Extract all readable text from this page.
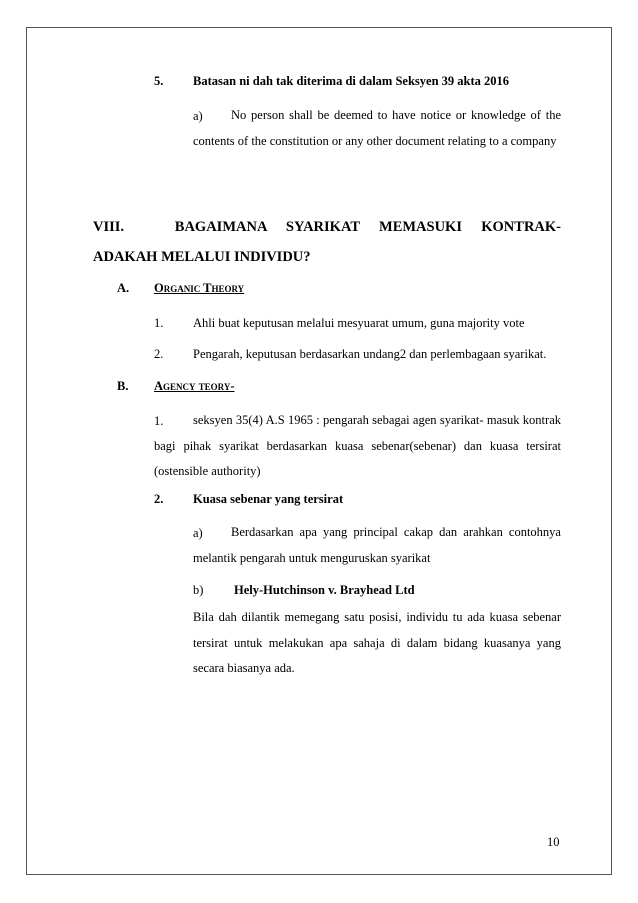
5. Batasan ni dah tak diterima di dalam Seksyen 39 akta 2016
a)	No person shall be deemed to have notice or knowledge of the contents of the constitution or any other document relating to a company
VIII.    	BAGAIMANA SYARIKAT MEMASUKI KONTRAK-ADAKAH MELALUI INDIVIDU?
A. Organic Thеory
1. Ahli buat keputusan melalui mesyuarat umum, guna majority vote
2. Pengarah, keputusan berdasarkan undang2 dan perlembagaan syarikat.
B. Agency teory-
1.	seksyen 35(4) A.S 1965 : pengarah sebagai agen syarikat- masuk kontrak bagi pihak syarikat berdasarkan kuasa sebenar(sebenar) dan kuasa tersirat (ostensible authority)
2. Kuasa sebenar yang tersirat
a)	Berdasarkan apa yang principal cakap dan arahkan contohnya melantik pengarah untuk menguruskan syarikat
b) Hely-Hutchinson v. Brayhead Ltd
Bila dah dilantik memegang satu posisi, individu tu ada kuasa sebenar tersirat untuk melakukan apa sahaja di dalam bidang kuasanya yang secara biasanya ada.
10
